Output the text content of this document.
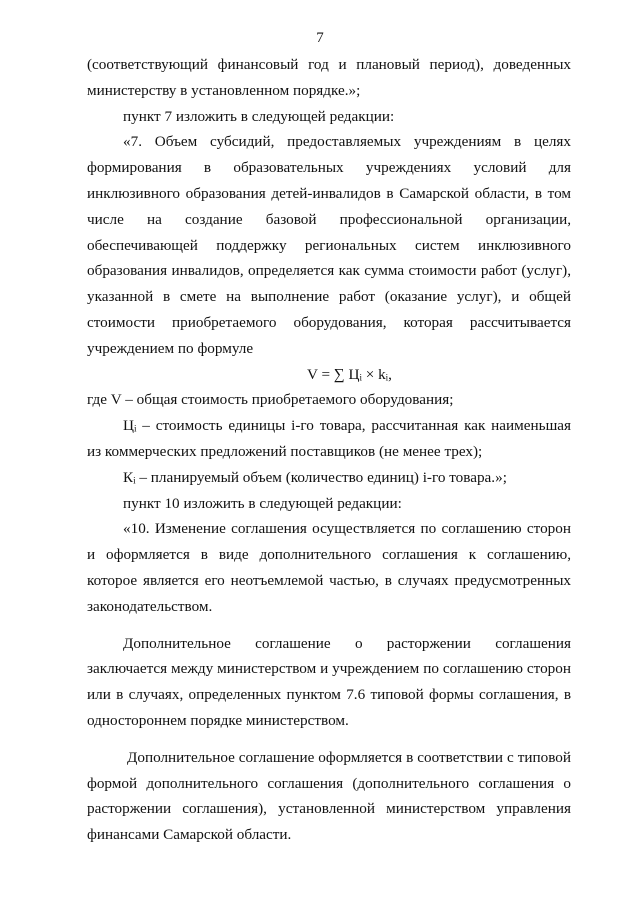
7

(соответствующий финансовый год и плановый период), доведенных министерству в установленном порядке.»;

пункт 7 изложить в следующей редакции:

«7. Объем субсидий, предоставляемых учреждениям в целях формирования в образовательных учреждениях условий для инклюзивного образования детей-инвалидов в Самарской области, в том числе на создание базовой профессиональной организации, обеспечивающей поддержку региональных систем инклюзивного образования инвалидов, определяется как сумма стоимости работ (услуг), указанной в смете на выполнение работ (оказание услуг), и общей стоимости приобретаемого оборудования, которая рассчитывается учреждением по формуле

V = ∑ Цᵢ × kᵢ,

где V – общая стоимость приобретаемого оборудования;

Цᵢ – стоимость единицы i-го товара, рассчитанная как наименьшая из коммерческих предложений поставщиков (не менее трех);

Кᵢ – планируемый объем (количество единиц) i-го товара.»;

пункт 10 изложить в следующей редакции:

«10. Изменение соглашения осуществляется по соглашению сторон и оформляется в виде дополнительного соглашения к соглашению, которое является его неотъемлемой частью, в случаях предусмотренных законодательством.

Дополнительное соглашение о расторжении соглашения заключается между министерством и учреждением по соглашению сторон или в случаях, определенных пунктом 7.6 типовой формы соглашения, в одностороннем порядке министерством.

Дополнительное соглашение оформляется в соответствии с типовой формой дополнительного соглашения (дополнительного соглашения о расторжении соглашения), установленной министерством управления финансами Самарской области.
